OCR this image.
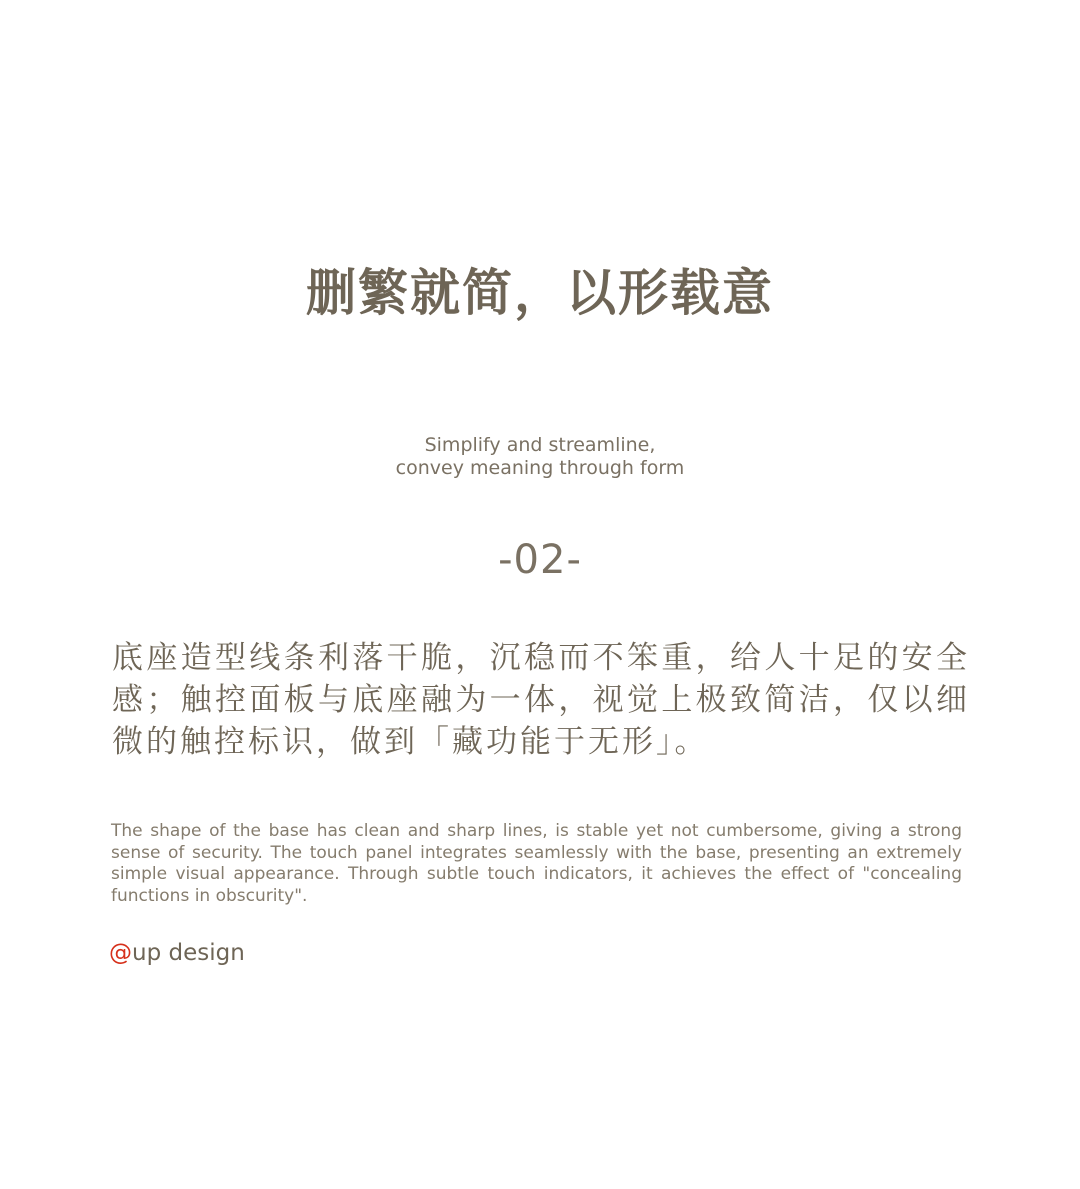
删繁就简，以形载意
Simplify and streamline,
convey meaning through form
-02-
底座造型线条利落干脆，沉稳而不笨重，给人十足的安全感；触控面板与底座融为一体，视觉上极致简洁，仅以细微的触控标识，做到「藏功能于无形」。
The shape of the base has clean and sharp lines, is stable yet not cumbersome, giving a strong sense of security. The touch panel integrates seamlessly with the base, presenting an extremely simple visual appearance. Through subtle touch indicators, it achieves the effect of "concealing functions in obscurity".
@up design
